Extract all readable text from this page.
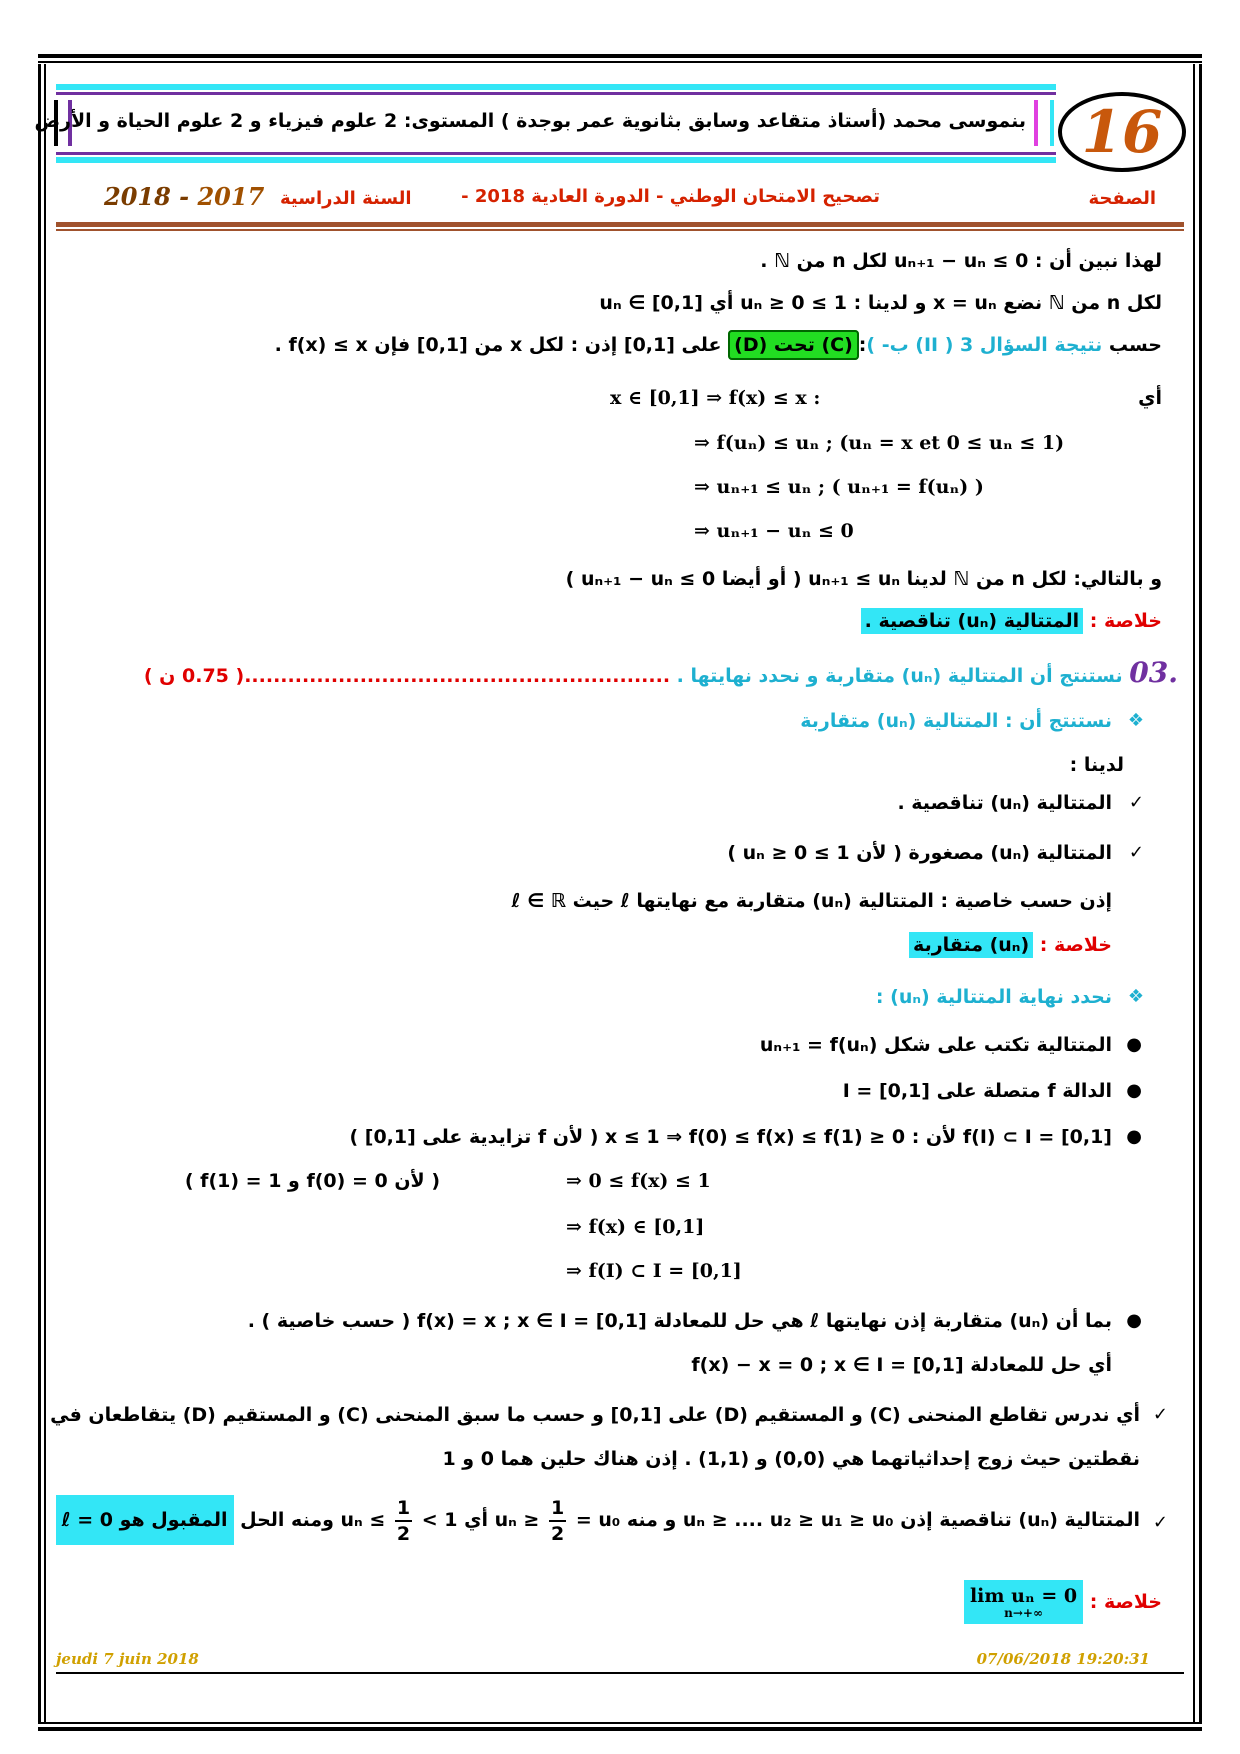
بنموسى محمد (أستاذ متقاعد وسابق بثانوية عمر بوجدة ) المستوى: 2 علوم فيزياء و 2 علوم الحياة و الأرض 16
الصفحة
تصحيح الامتحان الوطني - الدورة العادية 2018 -
السنة الدراسية
2018 - 2017
لهذا نبين أن : 0 ≥ uₙ₊₁ − uₙ لكل n من ℕ .
لكل n من ℕ نضع x = uₙ و لدينا : 1 ≥ uₙ ≥ 0 أي uₙ ∈ [0,1]
حسب نتيجة السؤال II ) 3) ب- ):(C) تحت (D) على [0,1] إذن : لكل x من [0,1] فإن f(x) ≤ x .
أي
x ∈ [0,1] ⇒ f(x) ≤ x :
⇒ f(uₙ) ≤ uₙ ; (uₙ = x et 0 ≤ uₙ ≤ 1)
⇒ uₙ₊₁ ≤ uₙ ; ( uₙ₊₁ = f(uₙ) )
⇒ uₙ₊₁ − uₙ ≤ 0
و بالتالي: لكل n من ℕ لدينا uₙ₊₁ ≤ uₙ ( أو أيضا 0 ≥ uₙ₊₁ − uₙ )
خلاصة : المتتالية (uₙ) تناقصية .
.03 نستنتج أن المتتالية (uₙ) متقاربة و نحدد نهايتها . ...........................................................( 0.75 ن )
❖
نستنتج أن : المتتالية (uₙ) متقاربة
لدينا :
✓
المتتالية (uₙ) تناقصية .
✓
المتتالية (uₙ) مصغورة ( لأن 1 ≥ uₙ ≥ 0 )
إذن حسب خاصية : المتتالية (uₙ) متقاربة مع نهايتها ℓ حيث ℓ ∈ ℝ
خلاصة : (uₙ) متقاربة
❖
نحدد نهاية المتتالية (uₙ) :
●
المتتالية تكتب على شكل uₙ₊₁ = f(uₙ)
●
الدالة f متصلة على I = [0,1]
●
f(I) ⊂ I = [0,1] لأن : 0 ≤ x ≤ 1 ⇒ f(0) ≤ f(x) ≤ f(1) ( لأن f تزايدية على [0,1] )
⇒ 0 ≤ f(x) ≤ 1
( لأن 0 = f(0) و 1 = f(1) )
⇒ f(x) ∈ [0,1]
⇒ f(I) ⊂ I = [0,1]
●
بما أن (uₙ) متقاربة إذن نهايتها ℓ هي حل للمعادلة f(x) = x ; x ∈ I = [0,1] ( حسب خاصية ) .
أي حل للمعادلة f(x) − x = 0 ; x ∈ I = [0,1]
✓
أي ندرس تقاطع المنحنى (C) و المستقيم (D) على [0,1] و حسب ما سبق المنحنى (C) و المستقيم (D) يتقاطعان في
نقطتين حيث زوج إحداثياتهما هي (0,0) و (1,1) . إذن هناك حلين هما 0 و 1
✓
المتتالية (uₙ) تناقصية إذن uₙ ≥ .... u₂ ≥ u₁ ≥ u₀ و منه uₙ ≥
$\frac{1}{2}$
= u₀ أي $u_n \le \frac{1}{2}$
< 1 ومنه الحل المقبول هو ℓ = 0
خلاصة : lim uₙ = 0
n→+∞
jeudi 7 juin 2018	07/06/2018 19:20:31
